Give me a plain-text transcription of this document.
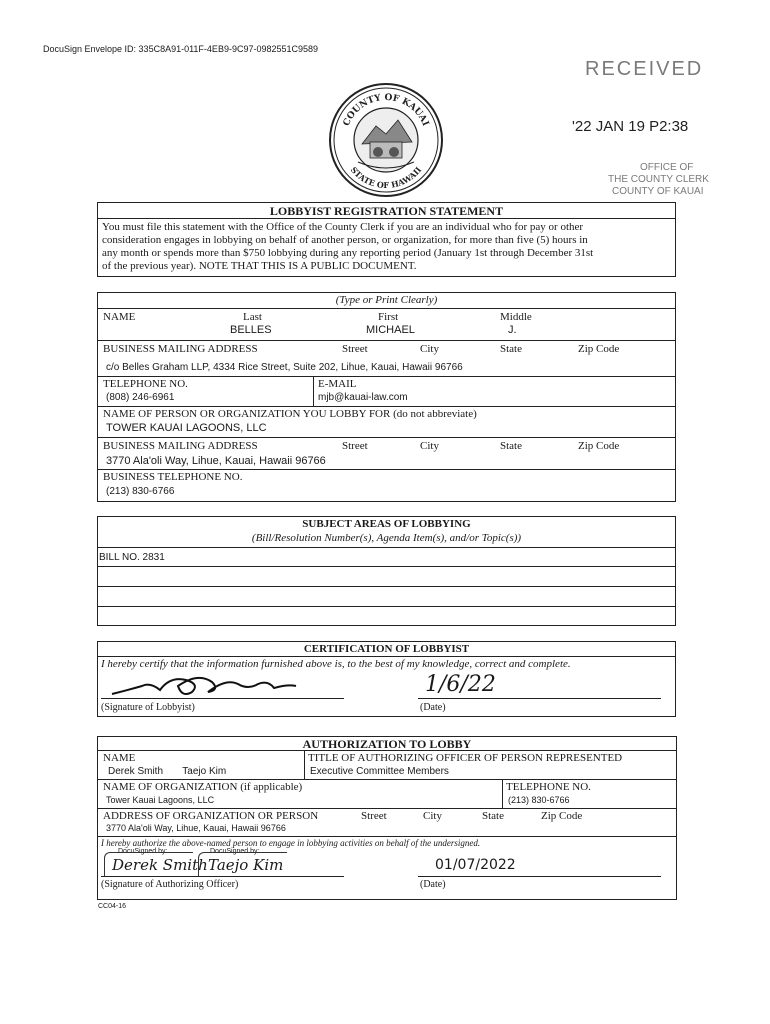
DocuSign Envelope ID: 335C8A91-011F-4EB9-9C97-0982551C9589
RECEIVED
'22 JAN 19 P2:38
OFFICE OF
THE COUNTY CLERK
COUNTY OF KAUAI
COUNTY OF KAUAI
STATE OF HAWAII
LOBBYIST REGISTRATION STATEMENT
You must file this statement with the Office of the County Clerk if you are an individual who for pay or other
consideration engages in lobbying on behalf of another person, or organization, for more than five (5) hours in
any month or spends more than $750 lobbying during any reporting period (January 1st through December 31st
of the previous year). NOTE THAT THIS IS A PUBLIC DOCUMENT.
(Type or Print Clearly)
NAME	Last	First	Middle
BELLES	MICHAEL	J.
BUSINESS MAILING ADDRESS	Street	City	State	Zip Code
c/o Belles Graham LLP, 4334 Rice Street, Suite 202, Lihue, Kauai, Hawaii 96766
TELEPHONE NO.	E-MAIL
(808) 246-6961	mjb@kauai-law.com
NAME OF PERSON OR ORGANIZATION YOU LOBBY FOR (do not abbreviate)
TOWER KAUAI LAGOONS, LLC
BUSINESS MAILING ADDRESS	Street	City	State	Zip Code
3770 Ala'oli Way, Lihue, Kauai, Hawaii 96766
BUSINESS TELEPHONE NO.
(213) 830-6766
SUBJECT AREAS OF LOBBYING
(Bill/Resolution Number(s), Agenda Item(s), and/or Topic(s))
BILL NO. 2831
CERTIFICATION OF LOBBYIST
I hereby certify that the information furnished above is, to the best of my knowledge, correct and complete.
1/6/22
(Signature of Lobbyist)	(Date)
AUTHORIZATION TO LOBBY
NAME	TITLE OF AUTHORIZING OFFICER OF PERSON REPRESENTED
Derek Smith       Taejo Kim	Executive Committee Members
NAME OF ORGANIZATION (if applicable)	TELEPHONE NO.
Tower Kauai Lagoons, LLC	(213) 830-6766
ADDRESS OF ORGANIZATION OR PERSON	Street	City	State	Zip Code
3770 Ala'oli Way, Lihue, Kauai, Hawaii 96766
I hereby authorize the above-named person to engage in lobbying activities on behalf of the undersigned.
DocuSigned by:	DocuSigned by:
Derek Smith Taejo Kim	01/07/2022
(Signature of Authorizing Officer)	(Date)
CC04-16
